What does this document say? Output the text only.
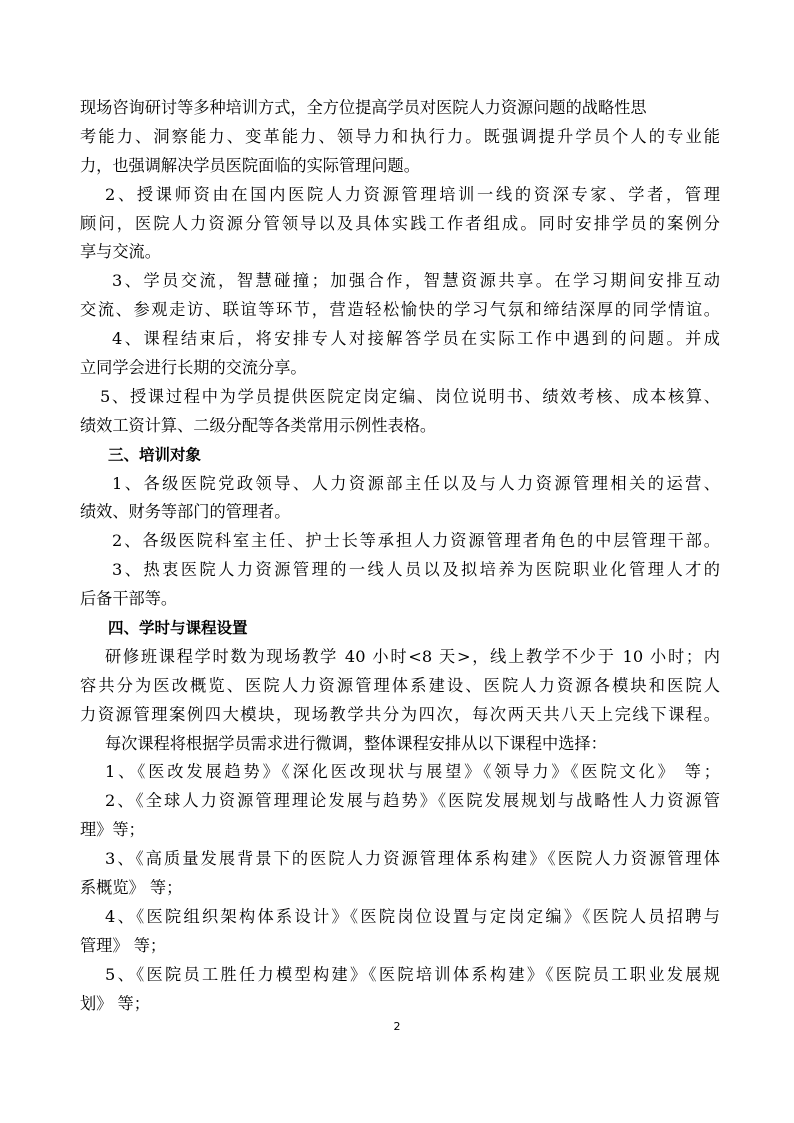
现场咨询研讨等多种培训方式，全方位提高学员对医院人力资源问题的战略性思
考能力、洞察能力、变革能力、领导力和执行力。既强调提升学员个人的专业能
力，也强调解决学员医院面临的实际管理问题。
2、授课师资由在国内医院人力资源管理培训一线的资深专家、学者，管理
顾问，医院人力资源分管领导以及具体实践工作者组成。同时安排学员的案例分
享与交流。
3、学员交流，智慧碰撞；加强合作，智慧资源共享。在学习期间安排互动
交流、参观走访、联谊等环节，营造轻松愉快的学习气氛和缔结深厚的同学情谊。
4、课程结束后，将安排专人对接解答学员在实际工作中遇到的问题。并成
立同学会进行长期的交流分享。
5、授课过程中为学员提供医院定岗定编、岗位说明书、绩效考核、成本核算、
绩效工资计算、二级分配等各类常用示例性表格。
三、培训对象
1、各级医院党政领导、人力资源部主任以及与人力资源管理相关的运营、
绩效、财务等部门的管理者。
2、各级医院科室主任、护士长等承担人力资源管理者角色的中层管理干部。
3、热衷医院人力资源管理的一线人员以及拟培养为医院职业化管理人才的
后备干部等。
四、学时与课程设置
研修班课程学时数为现场教学 40 小时<8 天>，线上教学不少于 10 小时；内
容共分为医改概览、医院人力资源管理体系建设、医院人力资源各模块和医院人
力资源管理案例四大模块，现场教学共分为四次，每次两天共八天上完线下课程。
每次课程将根据学员需求进行微调，整体课程安排从以下课程中选择：
1、《医改发展趋势》《深化医改现状与展望》《领导力》《医院文化》 等；
2、《全球人力资源管理理论发展与趋势》《医院发展规划与战略性人力资源管
理》等；
3、《高质量发展背景下的医院人力资源管理体系构建》《医院人力资源管理体
系概览》 等；
4、《医院组织架构体系设计》《医院岗位设置与定岗定编》《医院人员招聘与
管理》 等；
5、《医院员工胜任力模型构建》《医院培训体系构建》《医院员工职业发展规
划》 等；
2
